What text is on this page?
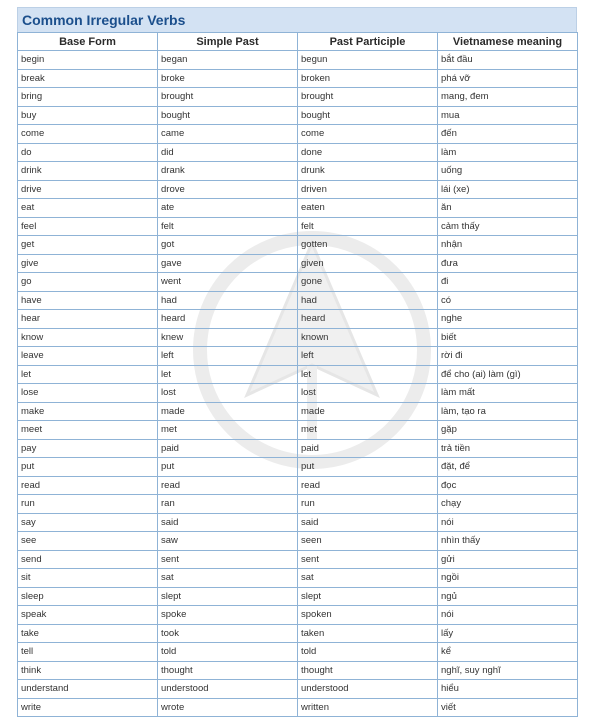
Common Irregular Verbs
Base Form	Simple Past	Past Participle	Vietnamese meaning
begin	began	begun	bắt đầu
break	broke	broken	phá vỡ
bring	brought	brought	mang, đem
buy	bought	bought	mua
come	came	come	đến
do	did	done	làm
drink	drank	drunk	uống
drive	drove	driven	lái (xe)
eat	ate	eaten	ăn
feel	felt	felt	cảm thấy
get	got	gotten	nhận
give	gave	given	đưa
go	went	gone	đi
have	had	had	có
hear	heard	heard	nghe
know	knew	known	biết
leave	left	left	rời đi
let	let	let	để cho (ai) làm (gì)
lose	lost	lost	làm mất
make	made	made	làm, tạo ra
meet	met	met	gặp
pay	paid	paid	trả tiền
put	put	put	đặt, để
read	read	read	đọc
run	ran	run	chạy
say	said	said	nói
see	saw	seen	nhìn thấy
send	sent	sent	gửi
sit	sat	sat	ngồi
sleep	slept	slept	ngủ
speak	spoke	spoken	nói
take	took	taken	lấy
tell	told	told	kể
think	thought	thought	nghĩ, suy nghĩ
understand	understood	understood	hiểu
write	wrote	written	viết
